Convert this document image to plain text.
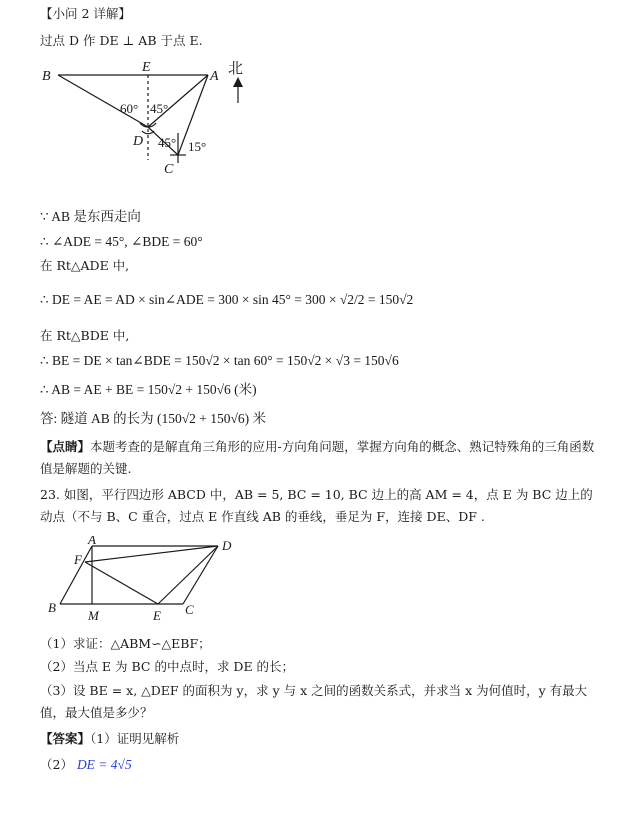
【小问 2 详解】
过点 D 作 DE ⊥ AB 于点 E.
B
E
A 北
60° 45°
D 45° 15°
C
∵ AB 是东西走向
∴ ∠ADE = 45°, ∠BDE = 60°
在 Rt△ADE 中,
∴ DE = AE = AD × sin∠ADE = 300 × sin 45° = 300 × √2/2 = 150√2
在 Rt△BDE 中,
∴ BE = DE × tan∠BDE = 150√2 × tan 60° = 150√2 × √3 = 150√6
∴ AB = AE + BE = 150√2 + 150√6 (米)
答: 隧道 AB 的长为 (150√2 + 150√6) 米
【点睛】本题考查的是解直角三角形的应用-方向角问题，掌握方向角的概念、熟记特殊角的三角函数值是解题的关键.
23. 如图，平行四边形 ABCD 中，AB = 5, BC = 10, BC 边上的高 AM = 4，点 E 为 BC 边上的动点（不与 B、C 重合，过点 E 作直线 AB 的垂线，垂足为 F，连接 DE、DF .
A	D
F
B
M	E C
（1）求证：△ABM∽△EBF；
（2）当点 E 为 BC 的中点时，求 DE 的长；
（3）设 BE = x, △DEF 的面积为 y，求 y 与 x 之间的函数关系式，并求当 x 为何值时，y 有最大值，最大值是多少？
【答案】（1）证明见解析
（2） DE = 4√5
